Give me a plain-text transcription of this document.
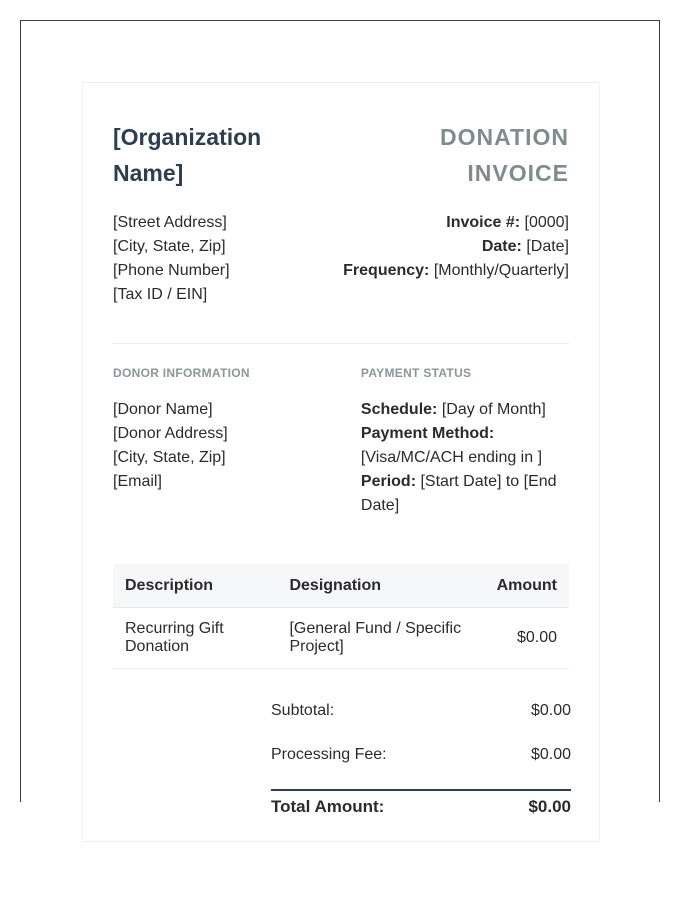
[Organization Name]
DONATION INVOICE
[Street Address]
[City, State, Zip]
[Phone Number]
[Tax ID / EIN]
Invoice #: [0000]
Date: [Date]
Frequency: [Monthly/Quarterly]
DONOR INFORMATION
[Donor Name]
[Donor Address]
[City, State, Zip]
[Email]
PAYMENT STATUS
Schedule: [Day of Month]
Payment Method:
[Visa/MC/ACH ending in ]
Period: [Start Date] to [End Date]
Description	Designation	Amount
Recurring Gift Donation	[General Fund / Specific Project]	$0.00
Subtotal:	$0.00
Processing Fee:	$0.00
Total Amount:	$0.00
